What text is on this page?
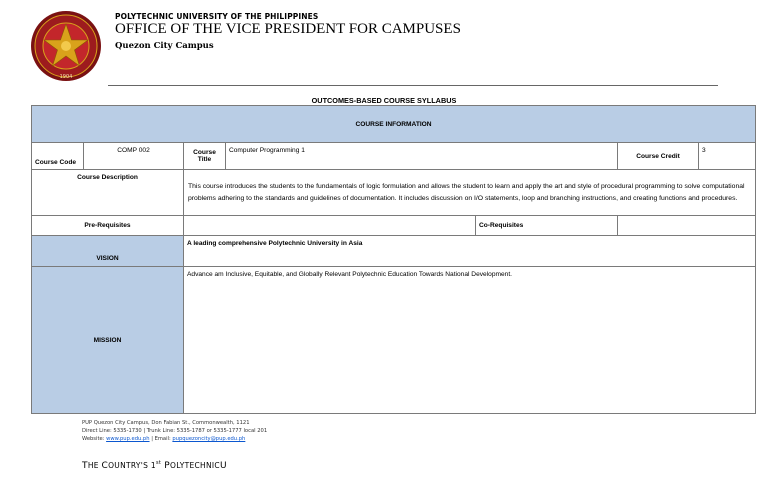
1904
POLYTECHNIC UNIVERSITY OF THE PHILIPPINES
OFFICE OF THE VICE PRESIDENT FOR CAMPUSES
Quezon City Campus
OUTCOMES-BASED COURSE SYLLABUS
COURSE INFORMATION						
Course Code	COMP 002	Course Title	Computer Programming 1		Course Credit	3
Course Description		This course introduces the students to the fundamentals of logic formulation and allows the student to learn and apply the art and style of procedural programming to solve computational problems adhering to the standards and guidelines of documentation. It includes discussion on I/O statements, loop and branching instructions, and creating functions and procedures.				
Pre-Requisites				Co-Requisites		
VISION		A leading comprehensive Polytechnic University in Asia				
MISSION		Advance am Inclusive, Equitable, and Globally Relevant Polytechnic Education Towards National Development.				
PUP Quezon City Campus, Don Fabian St., Commonwealth, 1121
Direct Line: 5335-1730 | Trunk Line: 5335-1787 or 5335-1777 local 201
Website: www.pup.edu.ph | Email: pupquezoncity@pup.edu.ph
THE COUNTRY'S 1st POLYTECHNICU
